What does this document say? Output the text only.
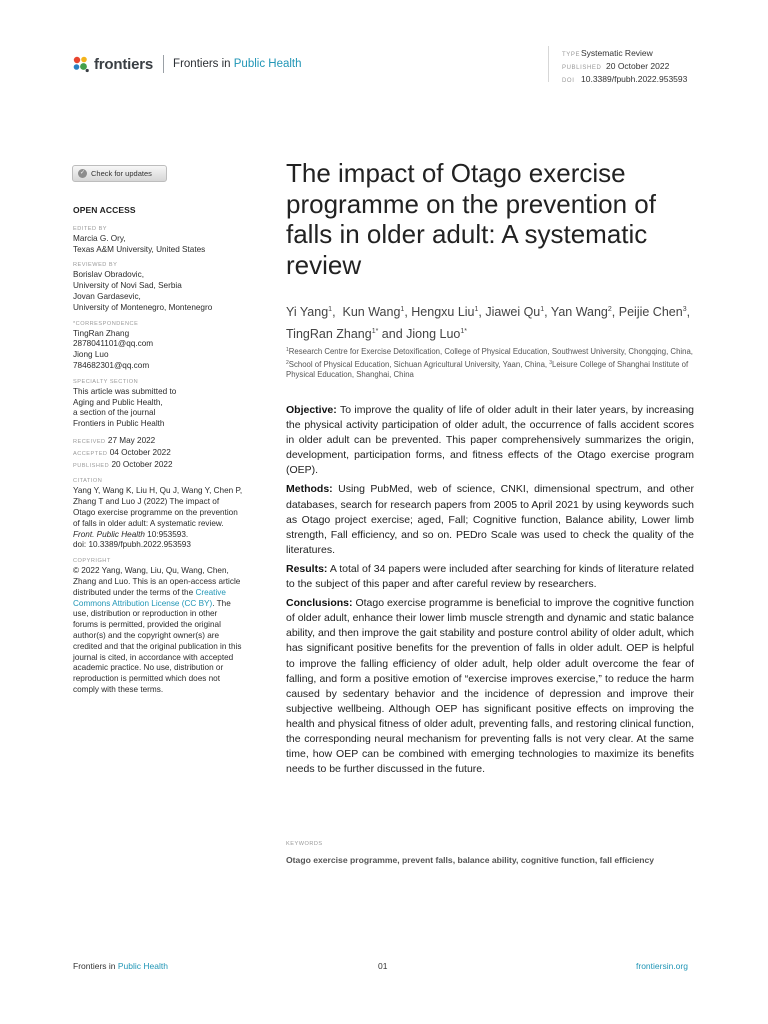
frontiers Frontiers in Public Health
TYPESystematic Review
PUBLISHED 20 October 2022
DOI 10.3389/fpubh.2022.953593
✓ Check for updates
OPEN ACCESS
EDITED BY
Marcia G. Ory,
Texas A&M University, United States
REVIEWED BY
Borislav Obradovic,
University of Novi Sad, Serbia
Jovan Gardasevic,
University of Montenegro, Montenegro
*CORRESPONDENCE
TingRan Zhang
2878041101@qq.com
Jiong Luo
784682301@qq.com
SPECIALTY SECTION
This article was submitted to
Aging and Public Health,
a section of the journal
Frontiers in Public Health
RECEIVED 27 May 2022
ACCEPTED 04 October 2022
PUBLISHED 20 October 2022
CITATION
Yang Y, Wang K, Liu H, Qu J, Wang Y, Chen P, Zhang T and Luo J (2022) The impact of Otago exercise programme on the prevention of falls in older adult: A systematic review. Front. Public Health 10:953593.
doi: 10.3389/fpubh.2022.953593
COPYRIGHT
© 2022 Yang, Wang, Liu, Qu, Wang, Chen, Zhang and Luo. This is an open-access article distributed under the terms of the Creative Commons Attribution License (CC BY). The use, distribution or reproduction in other forums is permitted, provided the original author(s) and the copyright owner(s) are credited and that the original publication in this journal is cited, in accordance with accepted academic practice. No use, distribution or reproduction is permitted which does not comply with these terms.
The impact of Otago exercise programme on the prevention of falls in older adult: A systematic review
Yi Yang$^1$,  Kun Wang$^1$, Hengxu Liu$^1$, Jiawei Qu$^1$, Yan Wang$^2$, Peijie Chen$^3$, TingRan Zhang$^{1*}$ and Jiong Luo$^{1*}$
$^1$Research Centre for Exercise Detoxification, College of Physical Education, Southwest University, Chongqing, China, $^2$School of Physical Education, Sichuan Agricultural University, Yaan, China, $^3$Leisure College of Shanghai Institute of Physical Education, Shanghai, China

Objective: To improve the quality of life of older adult in their later years, by increasing the physical activity participation of older adult, the occurrence of falls accident scores in older adult can be prevented. This paper comprehensively summarizes the origin, development, participation forms, and fitness effects of the Otago exercise program (OEP).

Methods: Using PubMed, web of science, CNKI, dimensional spectrum, and other databases, search for research papers from 2005 to April 2021 by using keywords such as Otago project exercise; aged, Fall; Cognitive function, Balance ability, Lower limb strength, Fall efficiency, and so on. PEDro Scale was used to check the quality of the literatures.

Results: A total of 34 papers were included after searching for kinds of literature related to the subject of this paper and after careful review by researchers.

Conclusions: Otago exercise programme is beneficial to improve the cognitive function of older adult, enhance their lower limb muscle strength and dynamic and static balance ability, and then improve the gait stability and posture control ability of older adult, which has significant positive benefits for the prevention of falls in older adult. OEP is helpful to improve the falling efficiency of older adult, help older adult overcome the fear of falling, and form a positive emotion of “exercise improves exercise,” to reduce the harm caused by sedentary behavior and the incidence of depression and improve their subjective wellbeing. Although OEP has significant positive effects on improving the health and physical fitness of older adult, preventing falls, and restoring clinical function, the corresponding neural mechanism for preventing falls is not very clear. At the same time, how OEP can be combined with emerging technologies to maximize its benefits needs to be further discussed in the future.

KEYWORDS
Otago exercise programme, prevent falls, balance ability, cognitive function, fall efficiency
Frontiers in Public Health	01	frontiersin.org
